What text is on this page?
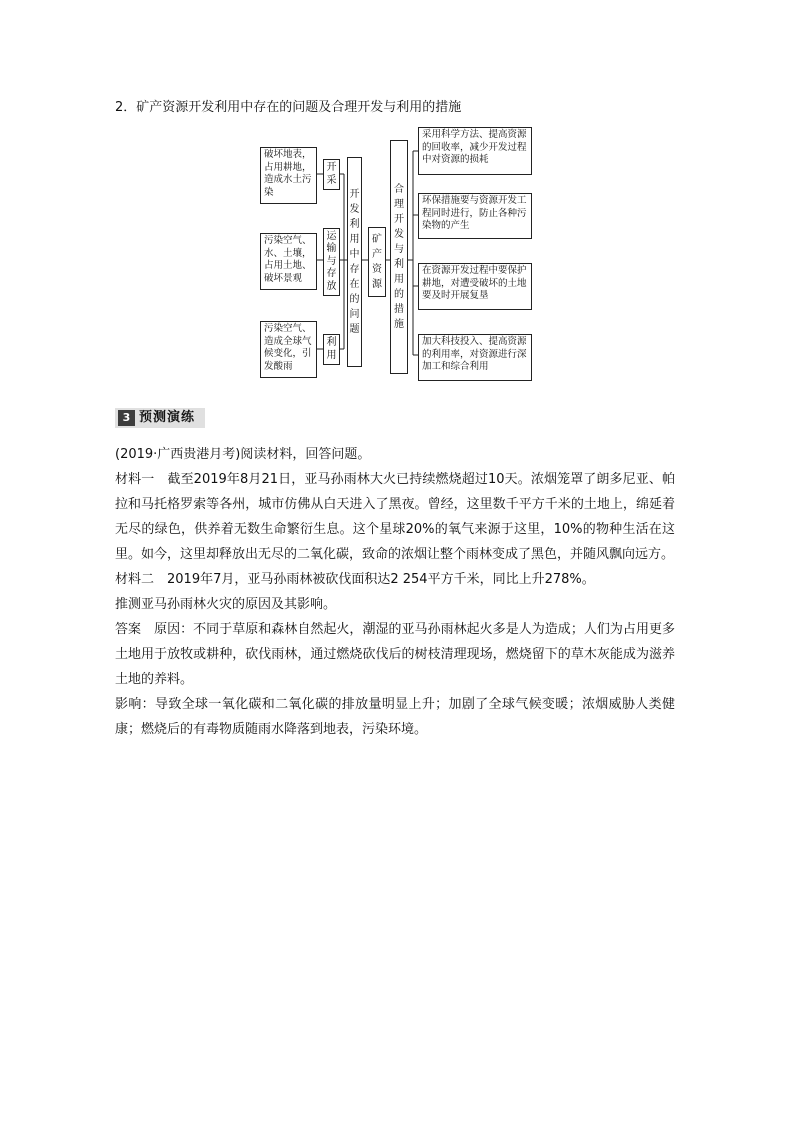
2．矿产资源开发利用中存在的问题及合理开发与利用的措施
破坏地表，占用耕地，造成水土污染
污染空气、水、土壤，占用土地、破坏景观
污染空气、造成全球气候变化，引发酸雨
开
采
运
输
与
存
放
利
用
开
发
利
用
中
存
在
的
问
题
矿
产
资
源
合
理
开
发
与
利
用
的
措
施
采用科学方法、提高资源的回收率，减少开发过程中对资源的损耗
环保措施要与资源开发工程同时进行，防止各种污染物的产生
在资源开发过程中要保护耕地，对遭受破坏的土地要及时开展复垦
加大科技投入、提高资源的利用率，对资源进行深加工和综合利用
3 预测演练

(2019·广西贵港月考)阅读材料，回答问题。

材料一　截至2019年8月21日，亚马孙雨林大火已持续燃烧超过10天。浓烟笼罩了朗多尼亚、帕拉和马托格罗索等各州，城市仿佛从白天进入了黑夜。曾经，这里数千平方千米的土地上，绵延着无尽的绿色，供养着无数生命繁衍生息。这个星球20%的氧气来源于这里，10%的物种生活在这里。如今，这里却释放出无尽的二氧化碳，致命的浓烟让整个雨林变成了黑色，并随风飘向远方。

材料二　2019年7月，亚马孙雨林被砍伐面积达2 254平方千米，同比上升278%。

推测亚马孙雨林火灾的原因及其影响。

答案　原因：不同于草原和森林自然起火，潮湿的亚马孙雨林起火多是人为造成；人们为占用更多土地用于放牧或耕种，砍伐雨林，通过燃烧砍伐后的树枝清理现场，燃烧留下的草木灰能成为滋养土地的养料。

影响：导致全球一氧化碳和二氧化碳的排放量明显上升；加剧了全球气候变暖；浓烟威胁人类健康；燃烧后的有毒物质随雨水降落到地表，污染环境。
